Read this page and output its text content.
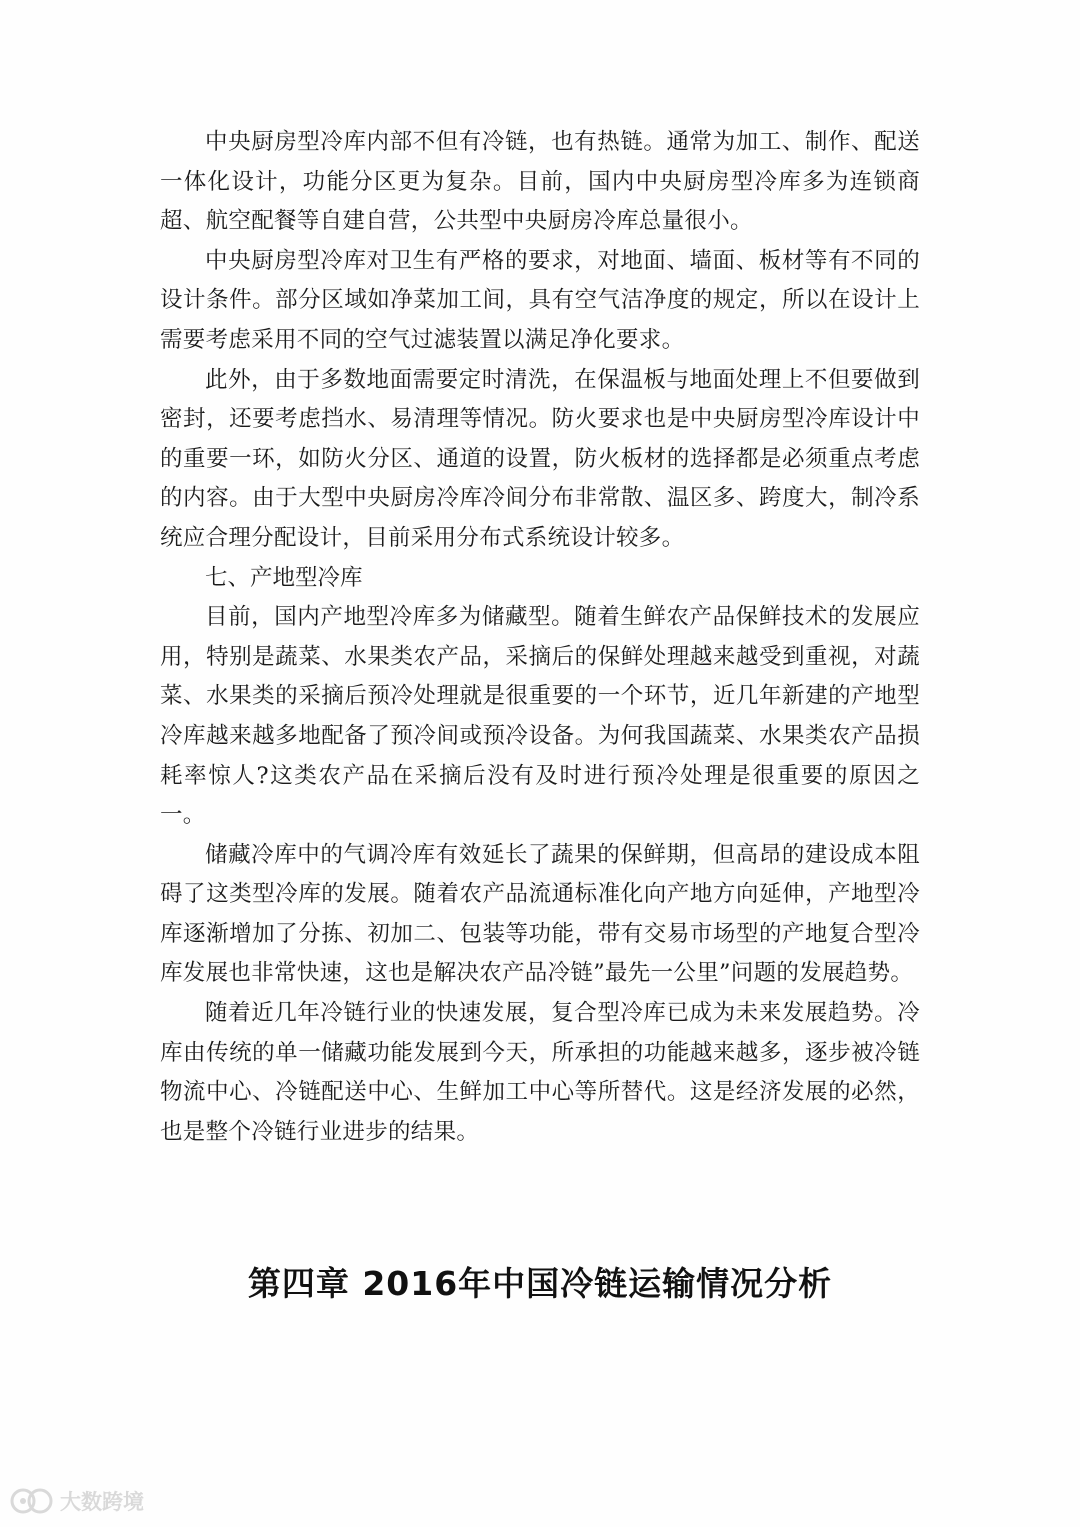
中央厨房型冷库内部不但有冷链，也有热链。通常为加工、制作、配送一体化设计，功能分区更为复杂。目前，国内中央厨房型冷库多为连锁商超、航空配餐等自建自营，公共型中央厨房冷库总量很小。

中央厨房型冷库对卫生有严格的要求，对地面、墙面、板材等有不同的设计条件。部分区域如净菜加工间，具有空气洁净度的规定，所以在设计上需要考虑采用不同的空气过滤装置以满足净化要求。

此外，由于多数地面需要定时清洗，在保温板与地面处理上不但要做到密封，还要考虑挡水、易清理等情况。防火要求也是中央厨房型冷库设计中的重要一环，如防火分区、通道的设置，防火板材的选择都是必须重点考虑的内容。由于大型中央厨房冷库冷间分布非常散、温区多、跨度大，制冷系统应合理分配设计，目前采用分布式系统设计较多。

七、产地型冷库

目前，国内产地型冷库多为储藏型。随着生鲜农产品保鲜技术的发展应用，特别是蔬菜、水果类农产品，采摘后的保鲜处理越来越受到重视，对蔬菜、水果类的采摘后预冷处理就是很重要的一个环节，近几年新建的产地型冷库越来越多地配备了预冷间或预冷设备。为何我国蔬菜、水果类农产品损耗率惊人?这类农产品在采摘后没有及时进行预冷处理是很重要的原因之一。

储藏冷库中的气调冷库有效延长了蔬果的保鲜期，但高昂的建设成本阻碍了这类型冷库的发展。随着农产品流通标准化向产地方向延伸，产地型冷库逐渐增加了分拣、初加二、包装等功能，带有交易市场型的产地复合型冷库发展也非常快速，这也是解决农产品冷链”最先一公里”问题的发展趋势。

随着近几年冷链行业的快速发展，复合型冷库已成为未来发展趋势。冷库由传统的单一储藏功能发展到今天，所承担的功能越来越多，逐步被冷链物流中心、冷链配送中心、生鲜加工中心等所替代。这是经济发展的必然，也是整个冷链行业进步的结果。

第四章 2016年中国冷链运输情况分析
大数跨境
